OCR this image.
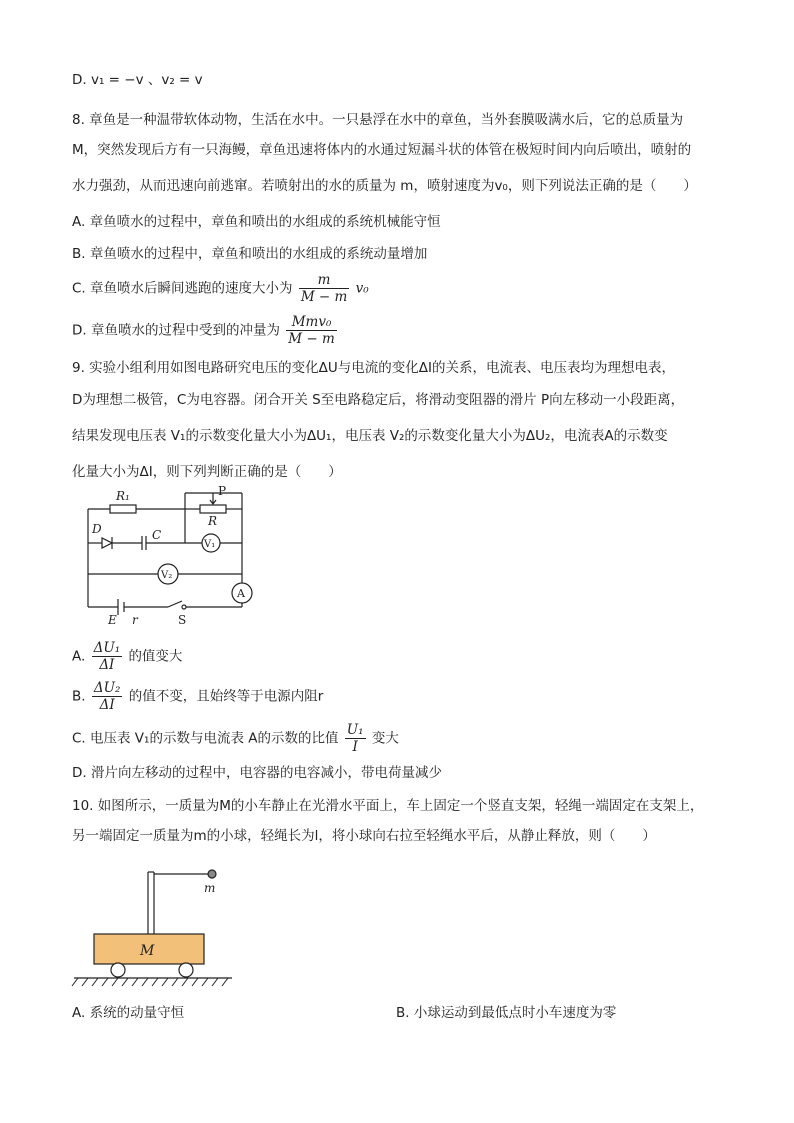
D. v₁ = −v 、v₂ = v
8. 章鱼是一种温带软体动物，生活在水中。一只悬浮在水中的章鱼，当外套膜吸满水后，它的总质量为
M，突然发现后方有一只海鳗，章鱼迅速将体内的水通过短漏斗状的体管在极短时间内向后喷出，喷射的
水力强劲，从而迅速向前逃窜。若喷射出的水的质量为 m，喷射速度为v₀，则下列说法正确的是（　　）
A. 章鱼喷水的过程中，章鱼和喷出的水组成的系统机械能守恒
B. 章鱼喷水的过程中，章鱼和喷出的水组成的系统动量增加
C. 章鱼喷水后瞬间逃跑的速度大小为 $\frac{m}{M - m} v_0$
D. 章鱼喷水的过程中受到的冲量为 $\frac{\text{Mmv₀}}{M - m}$
9. 实验小组利用如图电路研究电压的变化ΔU与电流的变化ΔI的关系，电流表、电压表均为理想电表，
D为理想二极管，C为电容器。闭合开关 S至电路稳定后，将滑动变阻器的滑片 P向左移动一小段距离，
结果发现电压表 V₁的示数变化量大小为ΔU₁，电压表 V₂的示数变化量大小为ΔU₂，电流表A的示数变
化量大小为ΔI，则下列判断正确的是（　　）
R₁	P
R
D	C
V₁
V₂
A
E r	S
A. $\frac{\text{ΔU₁}}{\Delta I}$ 的值变大
B. $\frac{\text{ΔU₂}}{\Delta I}$ 的值不变，且始终等于电源内阻r
C. 电压表 V₁的示数与电流表 A的示数的比值 $\frac{\text{U₁}}{I}$ 变大
D. 滑片向左移动的过程中，电容器的电容减小，带电荷量减少
10. 如图所示，一质量为M的小车静止在光滑水平面上，车上固定一个竖直支架，轻绳一端固定在支架上，
另一端固定一质量为m的小球，轻绳长为l，将小球向右拉至轻绳水平后，从静止释放，则（　　）
M
m
A. 系统的动量守恒	B. 小球运动到最低点时小车速度为零
